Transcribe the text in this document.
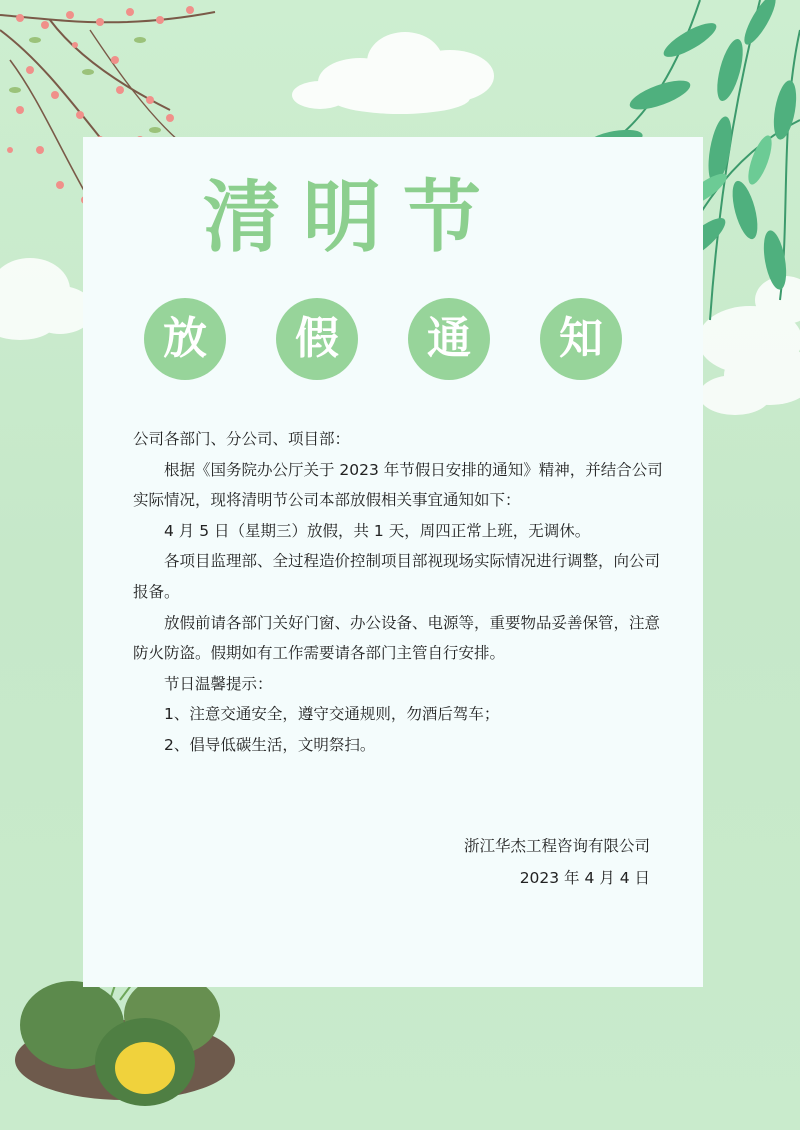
清明节
放	假	通	知

公司各部门、分公司、项目部：

根据《国务院办公厅关于 2023 年节假日安排的通知》精神，并结合公司实际情况，现将清明节公司本部放假相关事宜通知如下：

4 月 5 日（星期三）放假，共 1 天，周四正常上班，无调休。

各项目监理部、全过程造价控制项目部视现场实际情况进行调整，向公司报备。

放假前请各部门关好门窗、办公设备、电源等，重要物品妥善保管，注意防火防盗。假期如有工作需要请各部门主管自行安排。

节日温馨提示：

1、注意交通安全，遵守交通规则，勿酒后驾车；

2、倡导低碳生活，文明祭扫。

浙江华杰工程咨询有限公司
2023 年 4 月 4 日
